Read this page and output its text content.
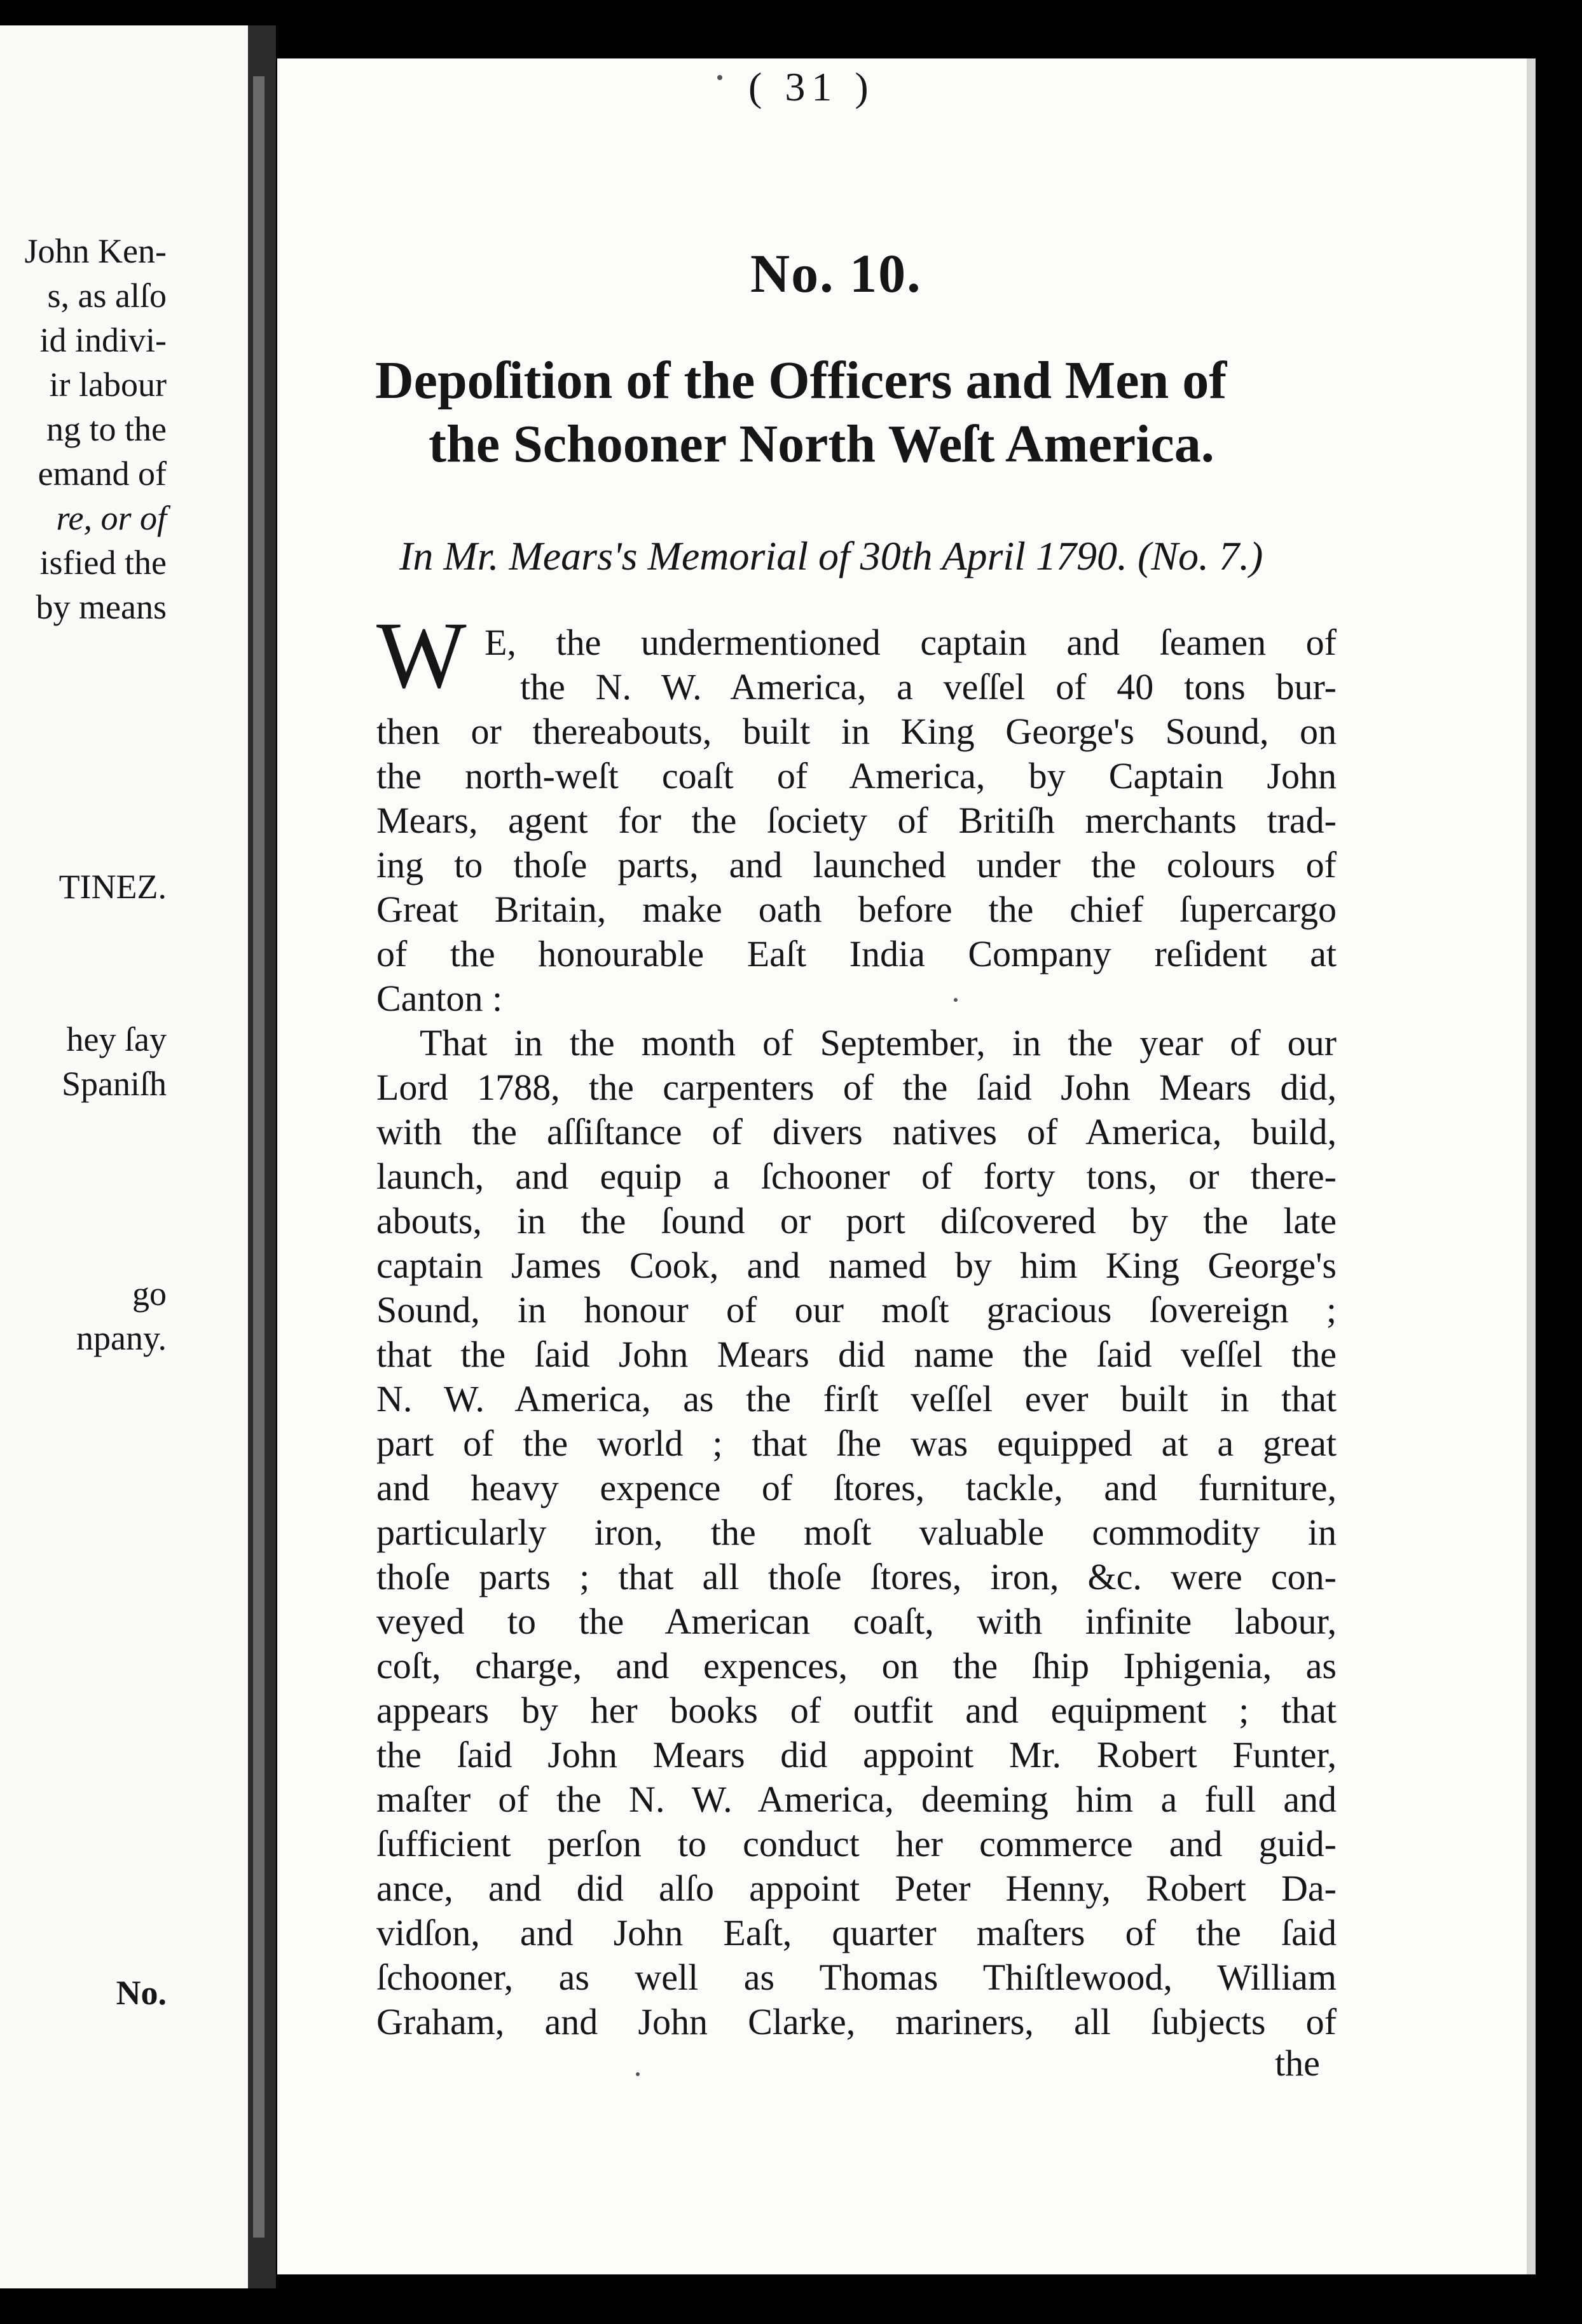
John Ken-
s, as alſo
id indivi-
ir labour
ng to the
emand of
re, or of
isfied the
by means
TINEZ.
hey ſay
Spaniſh
go
npany.
No.
( 31 )
No. 10.
Depoſition of the Officers and Men of
the Schooner North Weſt America.
In Mr. Mears's Memorial of 30th April 1790. (No. 7.)
W E, the undermentioned captain and ſeamen of
the N. W. America, a veſſel of 40 tons bur-
then or thereabouts, built in King George's Sound, on
the north-weſt coaſt of America, by Captain John
Mears, agent for the ſociety of Britiſh merchants trad-
ing to thoſe parts, and launched under the colours of
Great Britain, make oath before the chief ſupercargo
of the honourable Eaſt India Company reſident at
Canton :
That in the month of September, in the year of our
Lord 1788, the carpenters of the ſaid John Mears did,
with the aſſiſtance of divers natives of America, build,
launch, and equip a ſchooner of forty tons, or there-
abouts, in the ſound or port diſcovered by the late
captain James Cook, and named by him King George's
Sound, in honour of our moſt gracious ſovereign ;
that the ſaid John Mears did name the ſaid veſſel the
N. W. America, as the firſt veſſel ever built in that
part of the world ; that ſhe was equipped at a great
and heavy expence of ſtores, tackle, and furniture,
particularly iron, the moſt valuable commodity in
thoſe parts ; that all thoſe ſtores, iron, &c. were con-
veyed to the American coaſt, with infinite labour,
coſt, charge, and expences, on the ſhip Iphigenia, as
appears by her books of outfit and equipment ; that
the ſaid John Mears did appoint Mr. Robert Funter,
maſter of the N. W. America, deeming him a full and
ſufficient perſon to conduct her commerce and guid-
ance, and did alſo appoint Peter Henny, Robert Da-
vidſon, and John Eaſt, quarter maſters of the ſaid
ſchooner, as well as Thomas Thiſtlewood, William
Graham, and John Clarke, mariners, all ſubjects of
the
